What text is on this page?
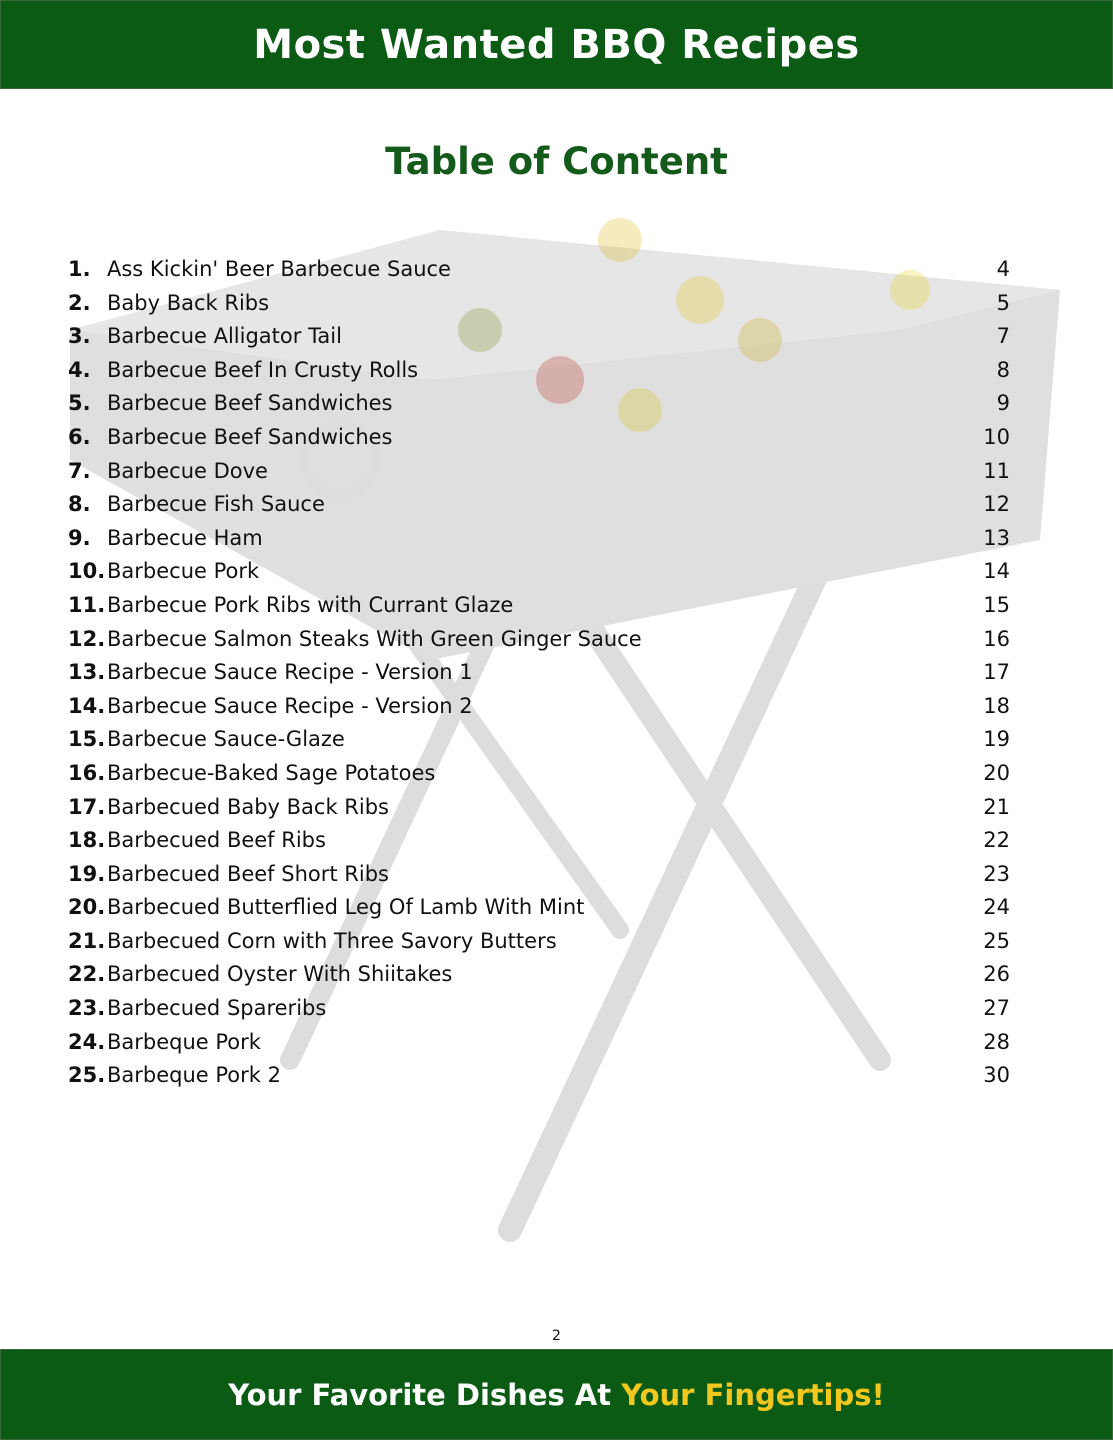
Most Wanted BBQ Recipes
Table of Content
1. Ass Kickin' Beer Barbecue Sauce	4
2. Baby Back Ribs	5
3. Barbecue Alligator Tail	7
4. Barbecue Beef In Crusty Rolls	8
5. Barbecue Beef Sandwiches	9
6. Barbecue Beef Sandwiches	10
7. Barbecue Dove	11
8. Barbecue Fish Sauce	12
9. Barbecue Ham	13
10.Barbecue Pork	14
11.Barbecue Pork Ribs with Currant Glaze	15
12.Barbecue Salmon Steaks With Green Ginger Sauce	16
13.Barbecue Sauce Recipe - Version 1	17
14.Barbecue Sauce Recipe - Version 2	18
15.Barbecue Sauce-Glaze	19
16.Barbecue-Baked Sage Potatoes	20
17.Barbecued Baby Back Ribs	21
18.Barbecued Beef Ribs	22
19.Barbecued Beef Short Ribs	23
20.Barbecued Butterflied Leg Of Lamb With Mint	24
21.Barbecued Corn with Three Savory Butters	25
22.Barbecued Oyster With Shiitakes	26
23.Barbecued Spareribs	27
24.Barbeque Pork	28
25.Barbeque Pork 2	30
2
Your Favorite Dishes At Your Fingertips!
